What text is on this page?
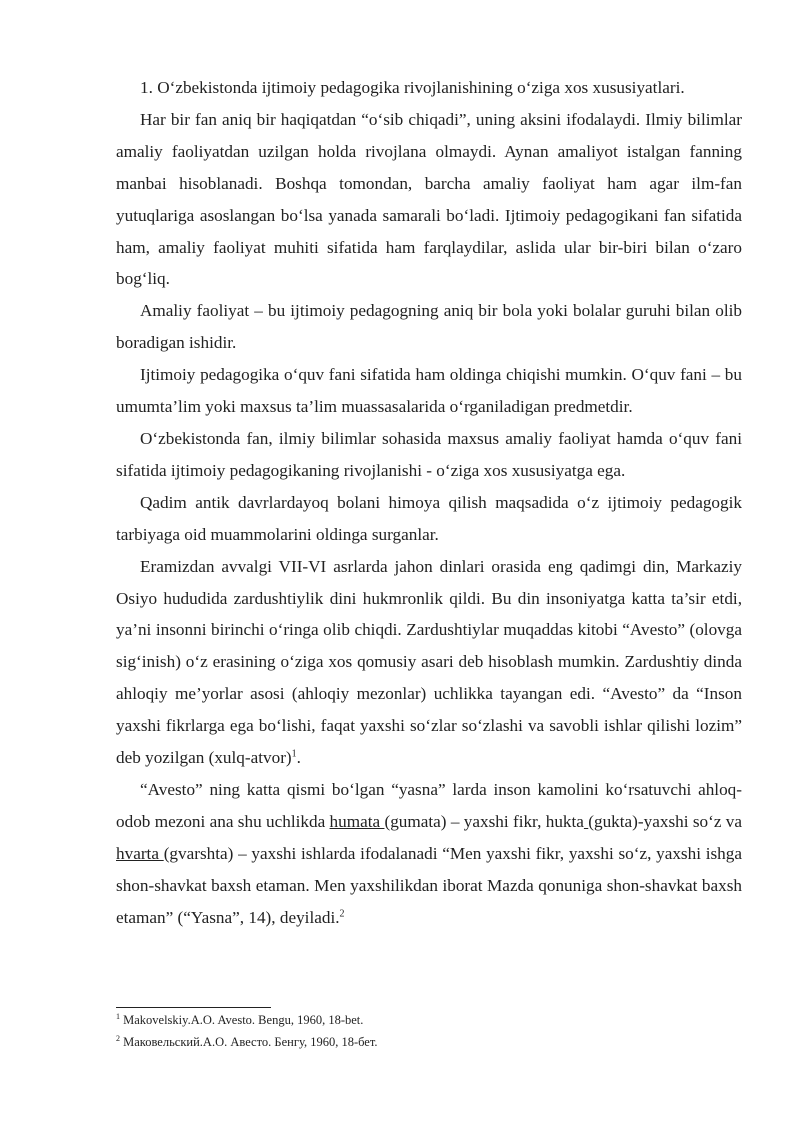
1. O‘zbekistonda ijtimoiy pedagogika rivojlanishining o‘ziga xos xususiyatlari.

Har bir fan aniq bir haqiqatdan “o‘sib chiqadi”, uning aksini ifodalaydi. Ilmiy bilimlar amaliy faoliyatdan uzilgan holda rivojlana olmaydi. Aynan amaliyot istalgan fanning manbai hisoblanadi. Boshqa tomondan, barcha amaliy faoliyat ham agar ilm-fan yutuqlariga asoslangan bo‘lsa yanada samarali bo‘ladi. Ijtimoiy pedagogikani fan sifatida ham, amaliy faoliyat muhiti sifatida ham farqlaydilar, aslida ular bir-biri bilan o‘zaro bog‘liq.

Amaliy faoliyat – bu ijtimoiy pedagogning aniq bir bola yoki bolalar guruhi bilan olib boradigan ishidir.

Ijtimoiy pedagogika o‘quv fani sifatida ham oldinga chiqishi mumkin. O‘quv fani – bu umumta’lim yoki maxsus ta’lim muassasalarida o‘rganiladigan predmetdir.

O‘zbekistonda fan, ilmiy bilimlar sohasida maxsus amaliy faoliyat hamda o‘quv fani sifatida ijtimoiy pedagogikaning rivojlanishi - o‘ziga xos xususiyatga ega.

Qadim antik davrlardayoq bolani himoya qilish maqsadida o‘z ijtimoiy pedagogik tarbiyaga oid muammolarini oldinga surganlar.

Eramizdan avvalgi VII-VI asrlarda jahon dinlari orasida eng qadimgi din, Markaziy Osiyo hududida zardushtiylik dini hukmronlik qildi. Bu din insoniyatga katta ta’sir etdi, ya’ni insonni birinchi o‘ringa olib chiqdi. Zardushtiylar muqaddas kitobi “Avesto” (olovga sig‘inish) o‘z erasining o‘ziga xos qomusiy asari deb hisoblash mumkin. Zardushtiy dinda ahloqiy me’yorlar asosi (ahloqiy mezonlar) uchlikka tayangan edi. “Avesto” da “Inson yaxshi fikrlarga ega bo‘lishi, faqat yaxshi so‘zlar so‘zlashi va savobli ishlar qilishi lozim” deb yozilgan (xulq-atvor)$^1$.

“Avesto” ning katta qismi bo‘lgan “yasna” larda inson kamolini ko‘rsatuvchi ahloq-odob mezoni ana shu uchlikda humata (gumata) – yaxshi fikr, hukta (gukta)-yaxshi so‘z va hvarta (gvarshta) – yaxshi ishlarda ifodalanadi “Men yaxshi fikr, yaxshi so‘z, yaxshi ishga shon-shavkat baxsh etaman. Men yaxshilikdan iborat Mazda qonuniga shon-shavkat baxsh etaman” (“Yasna”, 14), deyiladi.$^2$

$^1$ Makovelskiy.A.O. Avesto. Bengu, 1960, 18-bet.
$^2$ Маковельский.А.О. Авесто. Бенгу, 1960, 18-бет.
